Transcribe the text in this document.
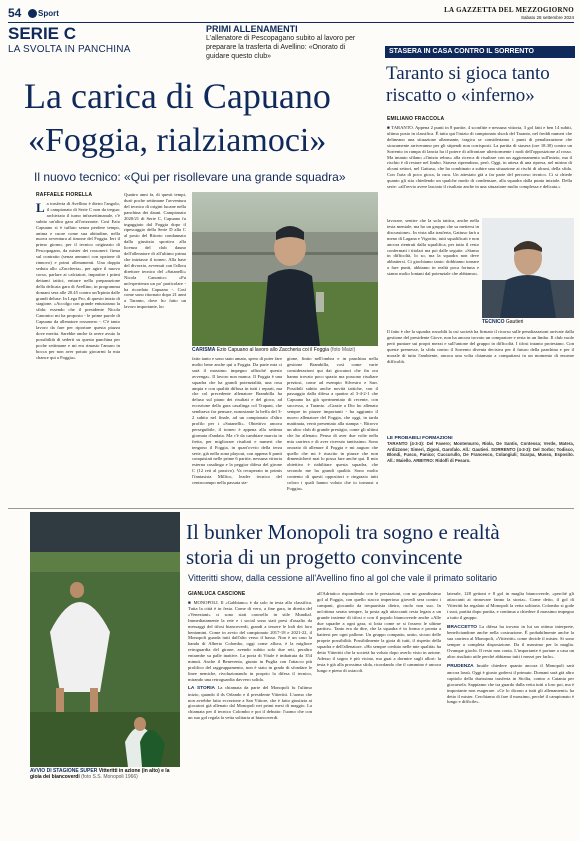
54 Sport	LA GAZZETTA DEL MEZZOGIORNO
Sabato 28 settembre 2024
SERIE C
LA SVOLTA IN PANCHINA
PRIMI ALLENAMENTI
L'allenatore di Pescopagano subito al lavoro per preparare la trasferta di Avellino: «Onorato di guidare questo club»
La carica di Capuano
«Foggia, rialziamoci»
Il nuovo tecnico: «Qui per risollevare una grande squadra»
RAFFAELE FIORELLA
L a trasferta di Avellino è dietro l'angolo, il campionato di Serie C non da tregua: archiviato il turno infrasettimanale, c'è subito un'altra gara all'orizzonte. Così Ezio Capuano si è tuffato senza perdere tempo, anima e cuore come sua abitudine, nella nuova avventura al timone del Foggia. Ieri il primo giorno, per il tecnico originario di Pescopagano, da mister dei rossoneri: firma sul contratto (senza annunci con opzione di rinnovo) e primi allenamenti. Una doppia seduta allo «Zaccheria», per agire il nuovo corso, parlare ai calciatori, impartire i primi dettami tattici, entrare nella preparazione della delicata gara di Avellino, in programma domani sera alle 20.45 contro un'Irpinia dalle grandi deluse. In Lega Pro, di questo inizio di stagione. «Accolgo con grande entusiasmo la sfida: essendo che il presidente Nicola Canonico mi ha proposto - le prime parole di Capuano da allenatore rossonero -. C'è tanto lavoro da fare per riportare questa piazza dove merita. Sarebbe anche fa avere avuto la possibilità di sederti su questa panchina per poche settimane e mi era rimasto l'amaro in bocca per non aver potuto giocarmi la mia chance qui a Foggia».
Quattro anni fa, di questi tempi, durò poche settimane l'avventura del tecnico di origini lucane nella panchina dei dauni. Campionato 2020/21 di Serie C, Capuano fu ingaggiato dal Foggia dopo il ripescaggio della Serie D alla C al posto del Ritorto condannato dalla giustizia sportiva alla licenza del club dauno dell'allenatore di all'ultimo prima che iniziasse il torneo. Alla base del divorzio, avvenuti con l'allora direttore tecnico del «Satanelli» Nicola Canonico: «Fu un'esperienza un po' particolare - ha ricordato Capuano -. Così come sono ritornato dopo 21 anni a Taranto, dove ho fatto un lavoro importante, ho
CARISMA Ezio Capuano al lavoro allo Zaccheria coi il Foggia (foto Maizi)
fatto tanto e sono stato amato, spero di poter fare molto bene anche qui a Foggia. Da parte mia ci sarà il massimo impegno affinché questo avvenga». Il lavoro non manca. Il Foggia è una squadra che ha grandi potenzialità, una rosa ampia e con qualità diffusa in tutti i reparti, ma che col precedente allenatore Brambilla ha deluso sul piano dei risultati e del gioco, ad eccezione della gara casalinga col Trapani, che sembrava far pensare, nonostante la beffa del 3-2 subito nel finale, ad un campionato d'altro profilo per i «Satanelli». Obiettivo ancora perseguibile, il torneo è appena alla settima giornata d'andata. Ma c'è da cambiare marcia in fretta, per migliorare risultati e numeri che tengono il Foggia, in quart'ovvio della terza serie, già nella zona playout, con appena 6 punti conquistati nelle prime 6 partite, nessuna vittoria esterna casalinga e la peggior difesa del girone C (12 reti al passivo). Va recuperato in primis l'fantasista Millico, leader tecnico del centrocampo nella passata sta-
gione, finito nell'ombra e in panchina nella gestione Brambilla, così come varie considerazioni qui dai giocatori che fin ora hanno trovato poco spazio ma possono risultare preziosi, come ad esempio Silvestro e Sarr. Possibili subito anche novità tattiche, con il passaggio dalla difesa a quattro al 3-4-2-1 che Capuano ha già sperimentato di recente, con successo, a Taranto. «Grazie a Dio ho allenato sempre in piazze importanti - ha aggiunto il nuovo allenatore del Foggia, che oggi, in tarda mattinata, verrà presentato alla stampa -. Ritrovo un altro club di grande prestigio, come gli ultimi che ho allenato. Penso di aver due volte nella mia carriera e di aver ricevuto tantissimo. Sono onorato di allenare il Foggia e mi auguro che quello che mi è riuscito in piazze che non dimenticherò mai lo possa fare anche qui. Il mio obiettivo è riabilitare questa squadra, che secondo me ha grandi qualità. Sono molto contento di questi oppositori e ringrazio tutti coloro i quali hanno voluto che io tornassi a Foggia».
STASERA IN CASA CONTRO IL SORRENTO
Taranto si gioca tanto riscatto o «inferno»
EMILIANO FRACCOLA
■ TARANTO. Appena 2 punti in 8 partite, 4 sconfitte e nessuna vittoria, 3 gol fatti e ben 14 subiti, ultimo posto in classifica. È tutto qui l'inizio di campionato shock del Taranto, nel freddi numeri che delineano una situazione allarmante, tragica se consideriamo i punti di penalizzazione che sicuramente arriveranno per gli stipendi non corrisposti. La partita di stasera (ore 18.30) contro un Sorrento in rampa di lancia ha il potere di affrontare ulteriormente i nodi dell'opposizione al rosso. Ma intanto sfilano «l'inizio rebus» alla ricerca di risultare con un aggiornamento sull'inizio, ma il rischio è di restare nel limbo. Stasera riprendono, però. Oggi, in attesa di una ripresa, nel mirino di alcuni settori, nel Gattuso, che ha combinato a subire una situazione ai rischi di alcuni, della sfida. Con l'aria di poco gioca, la cura. Un attestato già a far parte del percorso tecnico. Ci si chiede quanto gli stia chiedendo un qualche modo di condensare, alla squadra dalla punta iniziale. Della serie: «all'avvio avere lasciato il risultato anche in una situazione molto complessa e delicata.»
lavorare, sentire che la sola tattica, anche nella testa mentale, ma ho un gruppo che sa mettersi in discussione». In vista alla trasferta, Gattuso farà a meno di Lagana e Vigorito, tutti squalificati e non ancora rientrati dalla squalifica, per tutto il resto confermati i titolari ma poi dalle seguite. «Siamo in difficoltà, lo so, ma la squadra non deve abbattersi. Ci giochiamo tanto: dobbiamo tornare a fare punti, abbiamo in realtà poca fortuna e siamo molto lontani dal potenziale che abbiamo».
TECNICO Gautieri
Il fatto è che la squadra rossoblù la cui società ha firmato il ricorso sulle penalizzazioni arrivate dalla gestione del presidente Giove, non ha ancora trovato un compratore e resta in un limbo. Il club vuole però puntare sui propri mezzi e sull'unione del gruppo in difficoltà. I tifosi intanto protestano. Con queste premesse, la sfida contro il Sorrento diventa decisiva per il futuro della panchina e per il morale di tutto l'ambiente, ancora una volta chiamato a compattarsi in un momento di enorme difficoltà.
LE PROBABILI FORMAZIONI
TARANTO (4-3-3): Del Favero; Montemurro, Riola, De Santis, Contessa; Verde, Matera, Ardizzone; Simeri, Zigoni, Garofalo. All.: Gautieri. SORRENTO (4-3-3): Del Sorbo; Todisco, Blondi, Fusco, Panico; Cuccurullo, De Francesco, Colangiuli; Scarpa, Musso, Esposito. All.: Maiello. ARBITRO: Ridolfi di Pesaro.
AVVIO DI STAGIONE SUPER Vitteritti in azione (in alto) e la gioia dei biancoverdi (foto S.S. Monopoli 1966)
Il bunker Monopoli tra sogno e realtà
storia di un progetto convincente
Vitteritti show, dalla cessione all'Avellino fino al gol che vale il primato solitario
GIANLUCA CASCIONE
■ MONOPOLI. Il «Gabbiano» è da solo in testa alla classifica. Tutta la città è in festa. Come di vero, a fine gara, in diretta del «Veneziani» ci sono stati carosello in stile Mundial. Immediatamente la rete e i social sono stati presi d'assalto da messaggi del tifosi biancoverdi, grandi a tessere le lodi dei loro beniamini. Come in avvio del campionato 2017-18 e 2021-22, il Monopoli guarda tutti dall'alto verso il basso. Non è un caso la banda di Alberto Colombo, oggi come allora, è la migliore retroguardia del girone, avendo subito solo due reti, peraltro entrambe su palle inattive. La porta di Vitale è imbattuta da 354 minuti. Anche il Benevento, giunto in Puglia con l'attacco più prolifico del raggruppamento, non è stato in grado di sfondare le linee nemiche, rivoluzionando in proprio la difesa il tecnico, mirando una retroguardia davvero solida.
LA STORIA La chiamata da parte del Monopoli fu l'ultimo inizio, quando il ds Orlando e il presidente Vitteritti. L'uomo che non avrebbe fatto eccezione a San Vittore, che è fatto giustizia ai giocatori già allenato dal Monopoli nei primi mesi di maggio. La chiamata per il tecnico Colombo e poi il debutto: l'uomo che con un suo gol regala la vetta solitaria ai biancoverdi.
all'Adriatico rispondendo con le prestazioni, con un grandissimo gol al Foggia, con quello stacco imperioso giovedì sera contro i campani, giocando da trequartista dietro, ruolo non suo. In un'ottima serata sempre, la posta agli attaccanti resta legata a un grande insieme di tifosi e con il popolo biancoverde anche «Alle due squadre a ogni gara, si lotta come se si fossero le ultime partite». Tanto era da dire, che la squadra è in forma e pronta a battersi per ogni pallone. Un gruppo compatto, unito, sicuro delle proprie possibilità. Possibilmente la gioia di tutti, il rispetto della squadra e dell'allenatore. «Ho sempre creduto nelle mie qualità» ha detto Vitteritti che la società ha voluto dopo averlo visto in azione. Adesso il sogno è più vicino, ma guai a dormire sugli allori: la testa è già alla prossima sfida, ricordando che il cammino è ancora lungo e pieno di ostacoli.
laterale, 128 gettoni e 8 gol in maglia biancoverde, «perché gli attaccanti ai rinnovare fanno la storia». Come detto, il gol di Vitteritti ha regalato al Monopoli la vetta solitaria. Colombo si gode i suoi, partita dopo partita, e continua a chiedere il massimo impegno a tutto il gruppo.
BRACCETTO La difesa ha trovato in lui un ottimo interprete, beneficiandone anche nella costruzione. È probabilmente anche la sua carriera al Monopoli, «Vitteritti» come decide il mister. Si sono sempre a completa disposizione. Da il massimo per la maglia. Ovunque giochi. Il resto non conta. L'importante è portare a casa un altro risultato utile perché abbiamo tutti i mezzi per farlo».
PRUDENZA Inutile chiedere quanto ancora il Monopoli sarà ancora lassù. Oggi è giusto godersi il primato. Domani sarà già altro capitolo della durissima trasferta in Sicilia, contro a Catania per giocarsela. Sappiamo che tra guardo dalla vetta tutti a loro poi, ma è importante non esagerare. «Ce lo dicono a tutti gli allenamenti» ha detto il mister. Cerchiamo di fare il massimo, perché il campionato è lungo e difficile».
